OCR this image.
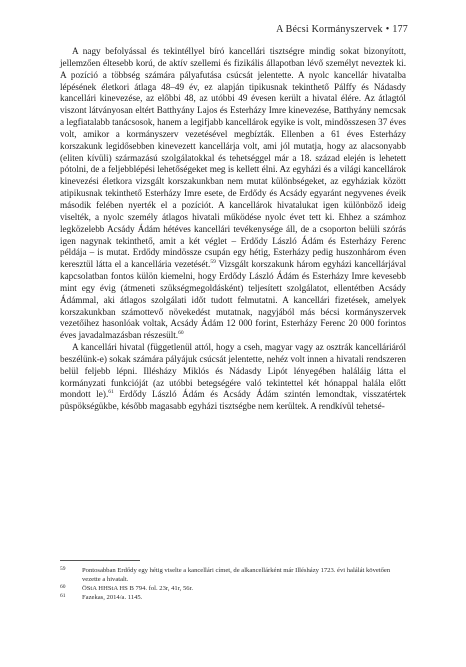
A Bécsi Kormányszervek • 177

A nagy befolyással és tekintéllyel bíró kancellári tisztségre mindig sokat bizonyított, jellemzően éltesebb korú, de aktív szellemi és fizikális állapotban lévő személyt neveztek ki. A pozíció a többség számára pályafutása csúcsát jelentette. A nyolc kancellár hivatalba lépésének életkori átlaga 48–49 év, ez alapján tipikusnak tekinthető Pálffy és Nádasdy kancellári kinevezése, az előbbi 48, az utóbbi 49 évesen került a hivatal élére. Az átlagtól viszont látványosan eltért Batthyány Lajos és Esterházy Imre kinevezése, Batthyány nemcsak a legfiatalabb tanácsosok, hanem a legifjabb kancellárok egyike is volt, mindösszesen 37 éves volt, amikor a kormányszerv vezetésével megbízták. Ellenben a 61 éves Esterházy korszakunk legidősebben kinevezett kancellárja volt, ami jól mutatja, hogy az alacsonyabb (eliten kívüli) származású szolgálatokkal és tehetséggel már a 18. század elején is lehetett pótolni, de a feljebblépési lehetőségeket meg is kellett élni. Az egyházi és a világi kancellárok kinevezési életkora vizsgált korszakunkban nem mutat különbségeket, az egyháziak között atipikusnak tekinthető Esterházy Imre esete, de Erdődy és Acsády egyaránt negyvenes éveik második felében nyerték el a pozíciót. A kancellárok hivatalukat igen különböző ideig viselték, a nyolc személy átlagos hivatali működése nyolc évet tett ki. Ehhez a számhoz legközelebb Acsády Ádám hétéves kancellári tevékenysége áll, de a csoporton belüli szórás igen nagynak tekinthető, amit a két véglet – Erdődy László Ádám és Esterházy Ferenc példája – is mutat. Erdődy mindössze csupán egy hétig, Esterházy pedig huszonhárom éven keresztül látta el a kancellária vezetését.$^{59}$ Vizsgált korszakunk három egyházi kancellárjával kapcsolatban fontos külön kiemelni, hogy Erdődy László Ádám és Esterházy Imre kevesebb mint egy évig (átmeneti szükségmegoldásként) teljesített szolgálatot, ellentétben Acsády Ádámmal, aki átlagos szolgálati időt tudott felmutatni. A kancellári fizetések, amelyek korszakunkban számottevő növekedést mutatnak, nagyjából más bécsi kormányszervek vezetőihez hasonlóak voltak, Acsády Ádám 12 000 forint, Esterházy Ferenc 20 000 forintos éves javadalmazásban részesült.$^{60}$

A kancellári hivatal (függetlenül attól, hogy a cseh, magyar vagy az osztrák kancelláriáról beszélünk-e) sokak számára pályájuk csúcsát jelentette, nehéz volt innen a hivatali rendszeren belül feljebb lépni. Illésházy Miklós és Nádasdy Lipót lényegében haláláig látta el kormányzati funkcióját (az utóbbi betegségére való tekintettel két hónappal halála előtt mondott le).$^{61}$ Erdődy László Ádám és Acsády Ádám szintén lemondtak, visszatértek püspökségükbe, később magasabb egyházi tisztségbe nem kerültek. A rendkívül tehetsé-

59	Pontosabban Erdődy egy hétig viselte a kancellári címet, de alkancellárként már Illésházy 1723. évi halálát követően vezette a hivatalt.

60	ÖStA HHStA HS B 794. fol. 23r, 41r, 56r.

61	Fazekas, 2014/a. 1145.
